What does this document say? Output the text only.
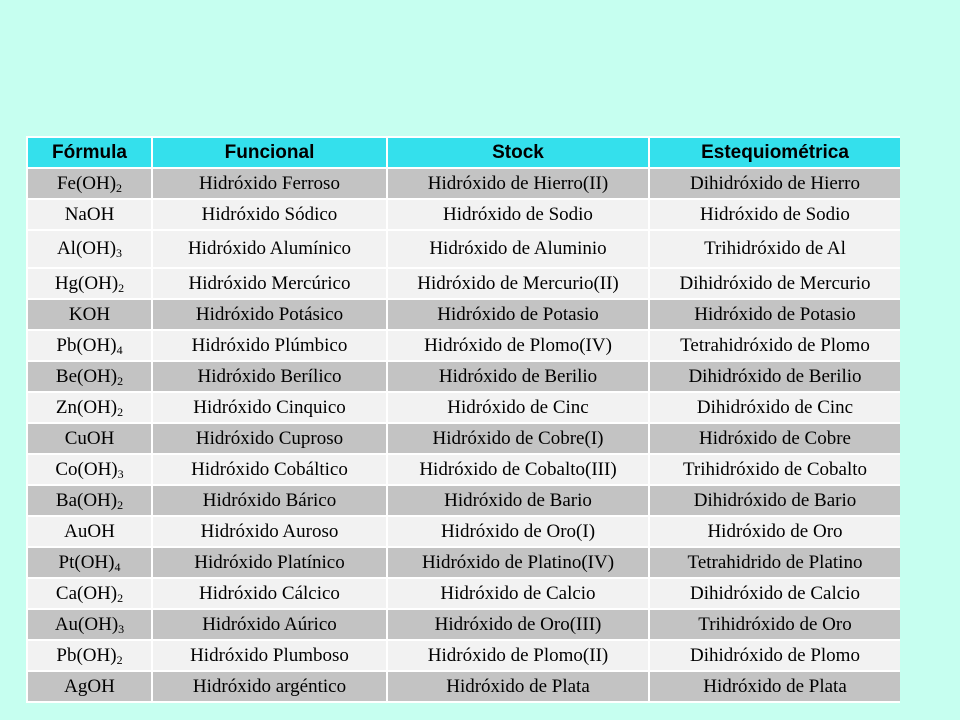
Fórmula	Funcional	Stock	Estequiométrica
$Fe(OH)_2$	Hidróxido Ferroso	Hidróxido de Hierro(II)	Dihidróxido de Hierro
NaOH	Hidróxido Sódico	Hidróxido de Sodio	Hidróxido de Sodio
$Al(OH)_3$	Hidróxido Alumínico	Hidróxido de Aluminio	Trihidróxido de Al
$Hg(OH)_2$	Hidróxido Mercúrico	Hidróxido de Mercurio(II)	Dihidróxido de Mercurio
KOH	Hidróxido Potásico	Hidróxido de Potasio	Hidróxido de Potasio
$Pb(OH)_4$	Hidróxido Plúmbico	Hidróxido de Plomo(IV)	Tetrahidróxido de Plomo
$Be(OH)_2$	Hidróxido Berílico	Hidróxido de Berilio	Dihidróxido de Berilio
$Zn(OH)_2$	Hidróxido Cinquico	Hidróxido de Cinc	Dihidróxido de Cinc
CuOH	Hidróxido Cuproso	Hidróxido de Cobre(I)	Hidróxido de Cobre
$Co(OH)_3$	Hidróxido Cobáltico	Hidróxido de Cobalto(III)	Trihidróxido de Cobalto
$Ba(OH)_2$	Hidróxido Bárico	Hidróxido de Bario	Dihidróxido de Bario
AuOH	Hidróxido Auroso	Hidróxido de Oro(I)	Hidróxido de Oro
$Pt(OH)_4$	Hidróxido Platínico	Hidróxido de Platino(IV)	Tetrahidrido de Platino
$Ca(OH)_2$	Hidróxido Cálcico	Hidróxido de Calcio	Dihidróxido de Calcio
$Au(OH)_3$	Hidróxido Aúrico	Hidróxido de Oro(III)	Trihidróxido de Oro
$Pb(OH)_2$	Hidróxido Plumboso	Hidróxido de Plomo(II)	Dihidróxido de Plomo
AgOH	Hidróxido argéntico	Hidróxido de Plata	Hidróxido de Plata
